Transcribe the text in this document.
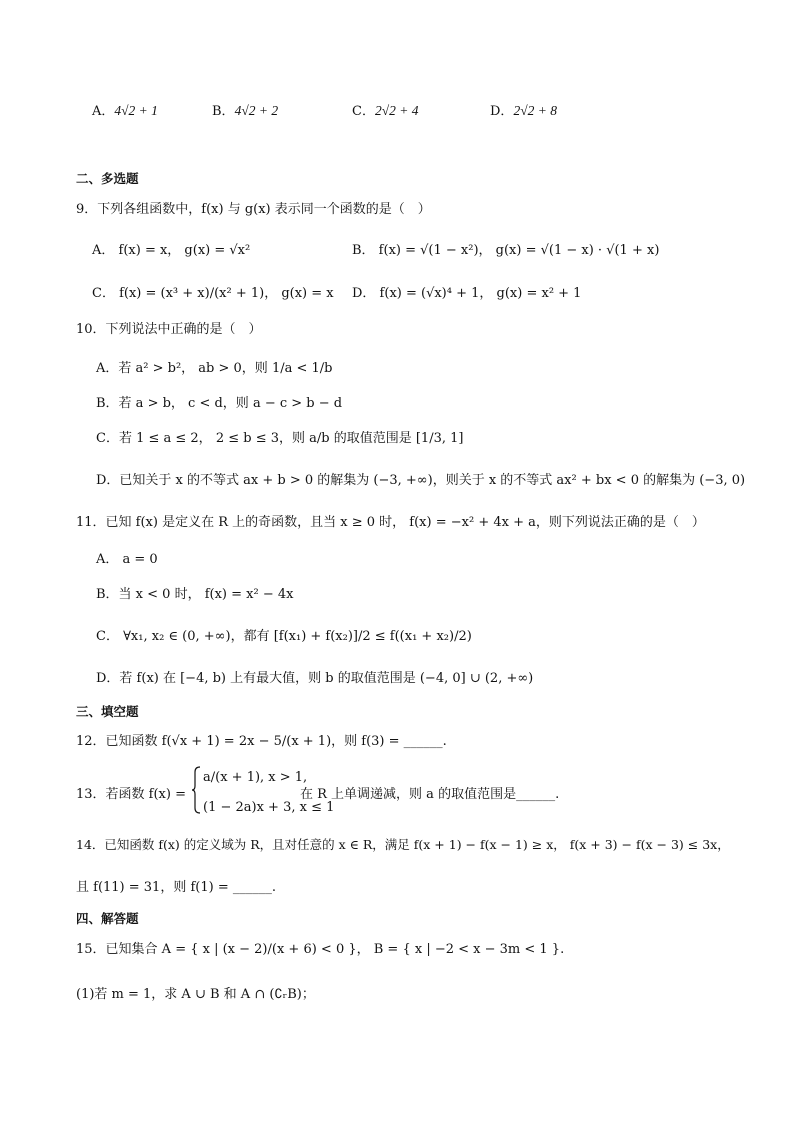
A．4√2 + 1	B．4√2 + 2	C．2√2 + 4	D．2√2 + 8
二、多选题
9．下列各组函数中，f(x) 与 g(x) 表示同一个函数的是（　）
A． f(x) = x， g(x) = √x²	B． f(x) = √(1 − x²)， g(x) = √(1 − x) · √(1 + x)
C． f(x) = (x³ + x)/(x² + 1)， g(x) = x D． f(x) = (√x)⁴ + 1， g(x) = x² + 1
10．下列说法中正确的是（　）
A．若 a² > b²， ab > 0，则 1/a < 1/b
B．若 a > b， c < d，则 a − c > b − d
C．若 1 ≤ a ≤ 2， 2 ≤ b ≤ 3，则 a/b 的取值范围是 [1/3, 1]
D．已知关于 x 的不等式 ax + b > 0 的解集为 (−3, +∞)，则关于 x 的不等式 ax² + bx < 0 的解集为 (−3, 0)
11．已知 f(x) 是定义在 R 上的奇函数，且当 x ≥ 0 时， f(x) = −x² + 4x + a，则下列说法正确的是（　）
A． a = 0
B．当 x < 0 时， f(x) = x² − 4x
C． ∀x₁, x₂ ∈ (0, +∞)，都有 [f(x₁) + f(x₂)]/2 ≤ f((x₁ + x₂)/2)
D．若 f(x) 在 [−4, b) 上有最大值，则 b 的取值范围是 (−4, 0] ∪ (2, +∞)
三、填空题
12．已知函数 f(√x + 1) = 2x − 5/(x + 1)，则 f(3) = ______.
13．若函数 f(x) =
a/(x + 1), x > 1,
(1 − 2a)x + 3, x ≤ 1
在 R 上单调递减，则 a 的取值范围是______.
14．已知函数 f(x) 的定义域为 R，且对任意的 x ∈ R，满足 f(x + 1) − f(x − 1) ≥ x， f(x + 3) − f(x − 3) ≤ 3x，
且 f(11) = 31，则 f(1) = ______.
四、解答题
15．已知集合 A = { x | (x − 2)/(x + 6) < 0 }， B = { x | −2 < x − 3m < 1 }.
(1)若 m = 1，求 A ∪ B 和 A ∩ (∁ᵣB)；
